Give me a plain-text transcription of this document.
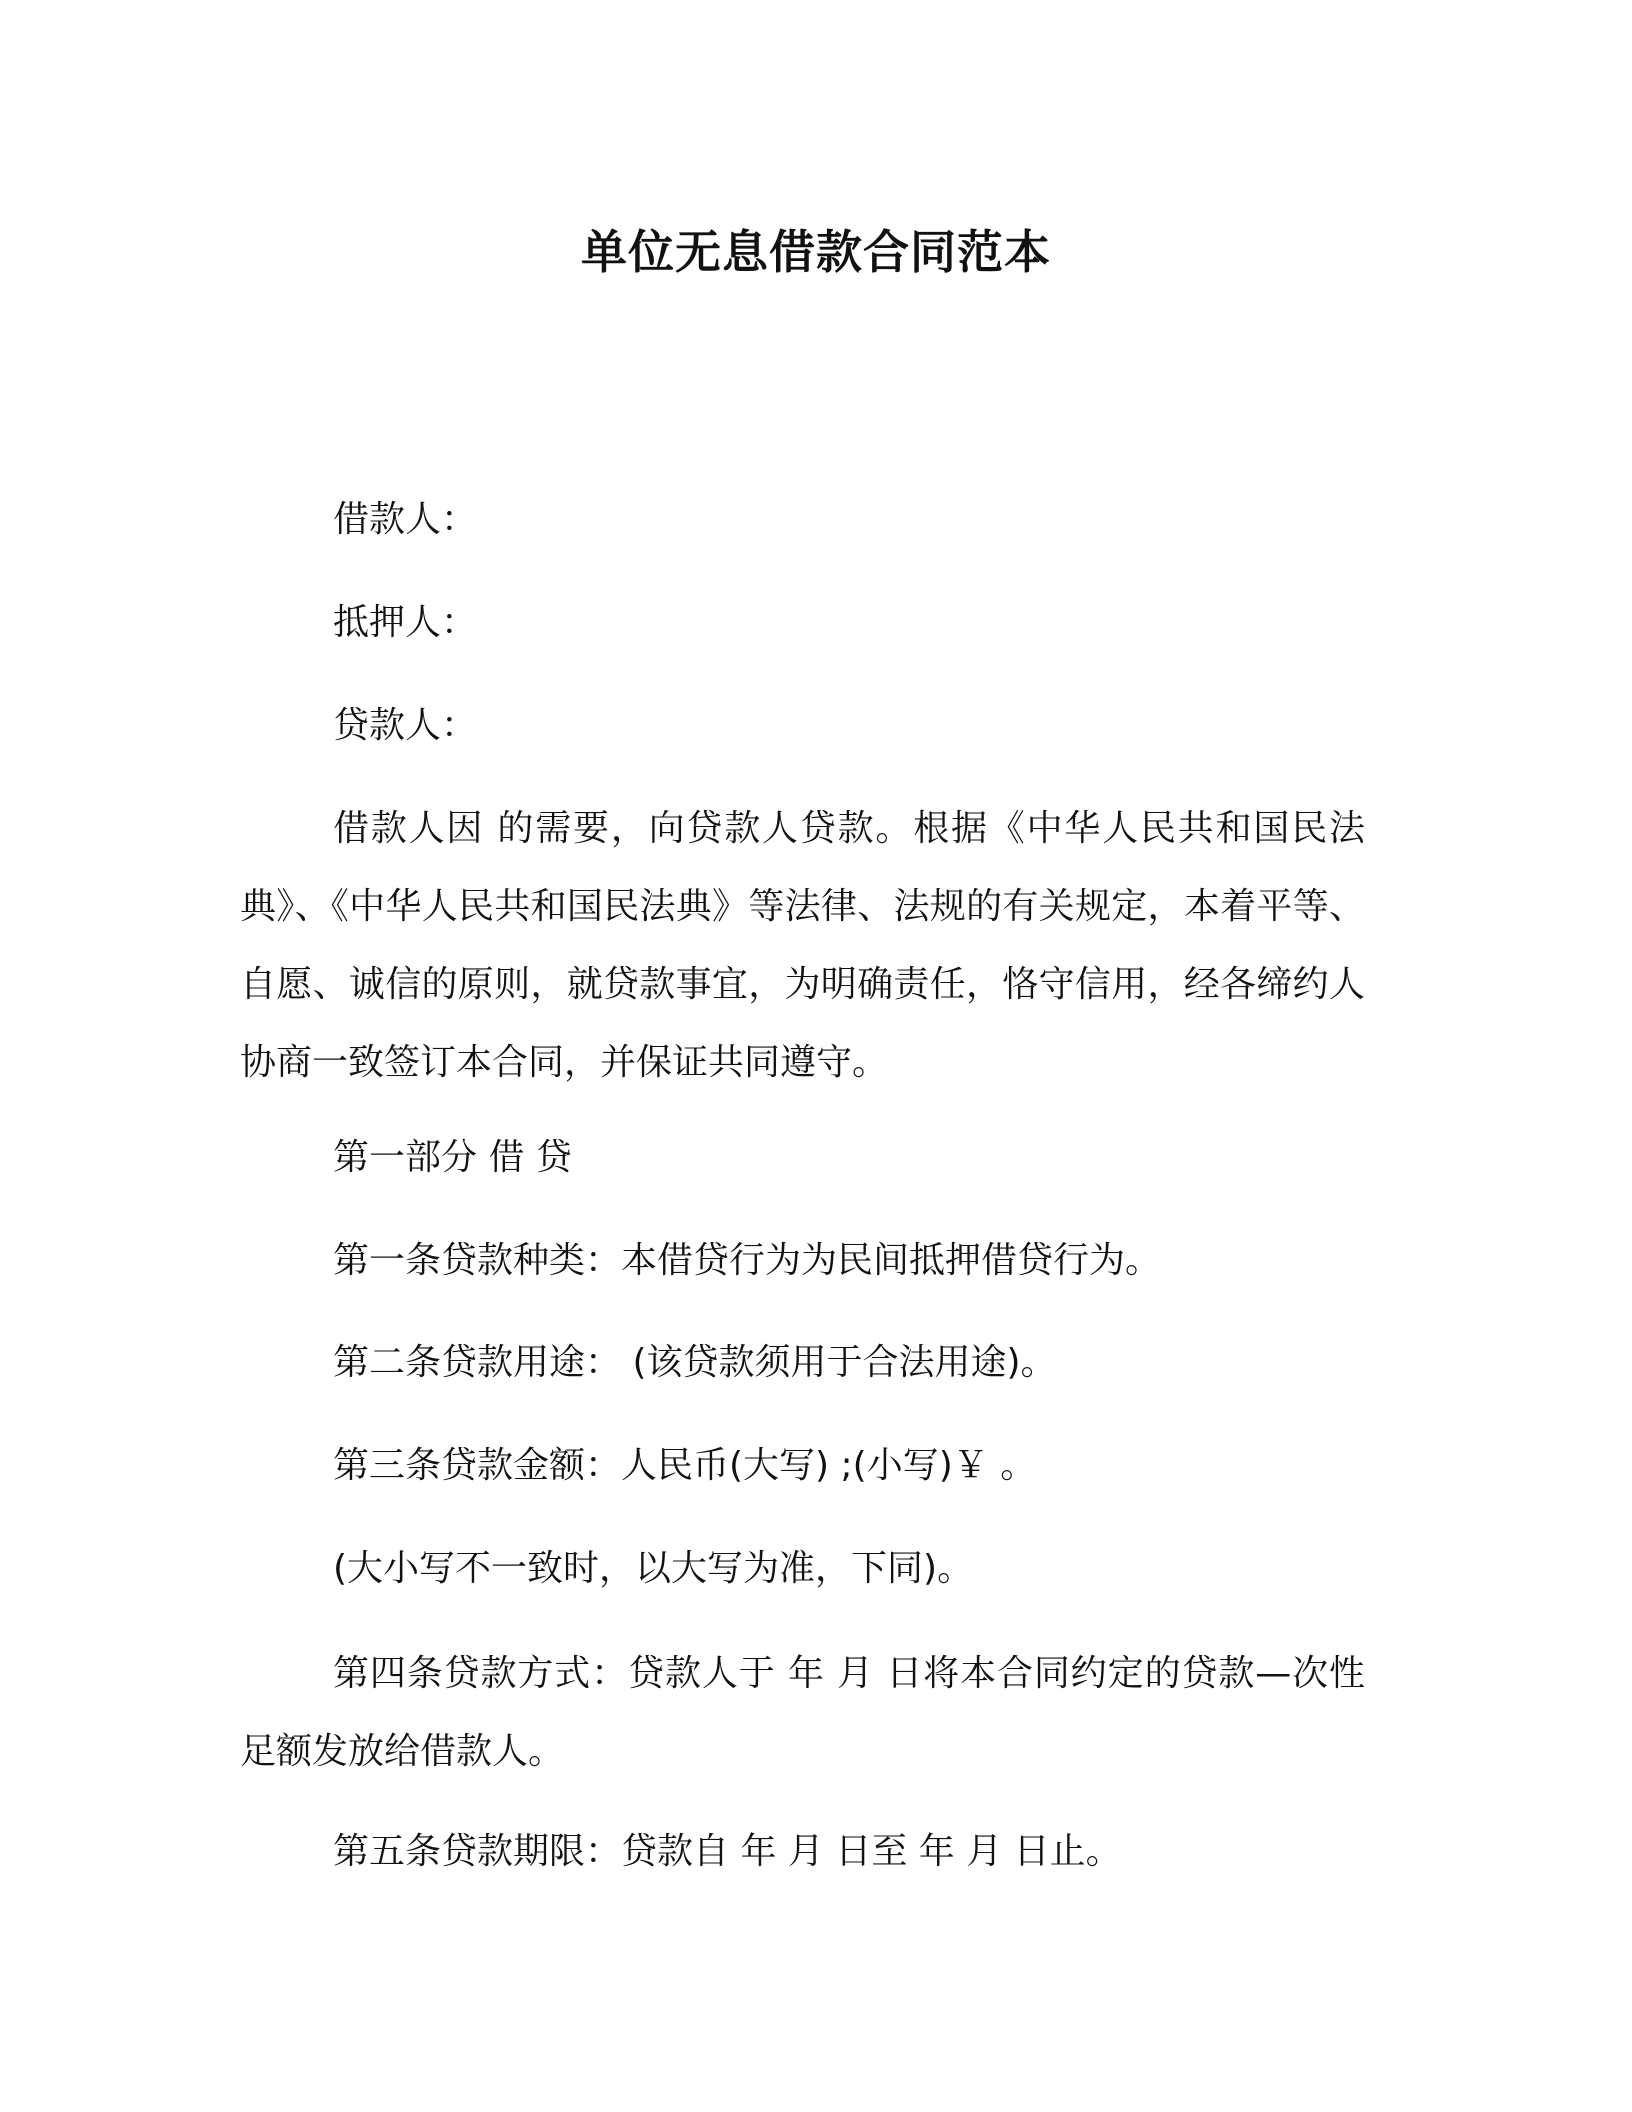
单位无息借款合同范本
借款人：
抵押人：
贷款人：

借款人因 的需要，向贷款人贷款。根据《中华人民共和国民法典》、《中华人民共和国民法典》等法律、法规的有关规定，本着平等、自愿、诚信的原则，就贷款事宜，为明确责任，恪守信用，经各缔约人协商一致签订本合同，并保证共同遵守。

第一部分 借 贷
第一条贷款种类：本借贷行为为民间抵押借贷行为。
第二条贷款用途： (该贷款须用于合法用途)。
第三条贷款金额：人民币(大写) ;(小写)￥ 。
(大小写不一致时，以大写为准，下同)。

第四条贷款方式：贷款人于 年 月 日将本合同约定的贷款—次性足额发放给借款人。

第五条贷款期限：贷款自 年 月 日至 年 月 日止。
